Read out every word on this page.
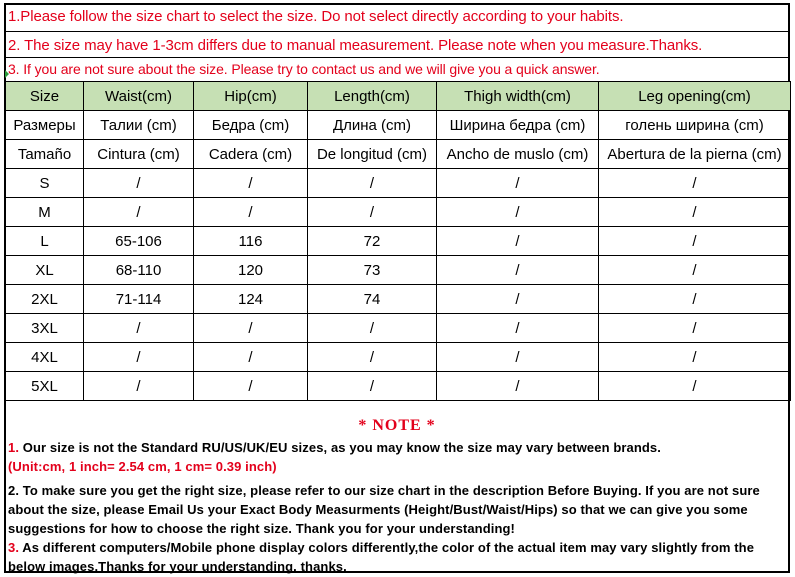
1.Please follow the size chart to select the size. Do not select directly according to your habits.
2. The size may have 1-3cm differs due to manual measurement. Please note when you measure.Thanks.
3. If you are not sure about the size. Please try to contact us and we will give you a quick answer.
Size	Waist(cm)	Hip(cm)	Length(cm)	Thigh width(cm)	Leg opening(cm)
Размеры	Талии (cm)	Бедра (cm)	Длина (cm)	Ширина бедра (cm)	голень ширина (cm)
Tamaño	Cintura (cm)	Cadera (cm)	De longitud (cm)	Ancho de muslo (cm)	Abertura de la pierna (cm)
S	/	/	/	/	/
M	/	/	/	/	/
L	65-106	116	72	/	/
XL	68-110	120	73	/	/
2XL	71-114	124	74	/	/
3XL	/	/	/	/	/
4XL	/	/	/	/	/
5XL	/	/	/	/	/
* NOTE *
1. Our size is not the Standard RU/US/UK/EU sizes, as you may know the size may vary between brands.
(Unit:cm, 1 inch= 2.54 cm, 1 cm= 0.39 inch)
2. To make sure you get the right size, please refer to our size chart in the description Before Buying. If you are not sure about the size, please Email Us your Exact Body Measurments (Height/Bust/Waist/Hips) so that we can give you some suggestions for how to choose the right size. Thank you for your understanding!
3. As different computers/Mobile phone display colors differently,the color of the actual item may vary slightly from the below images.Thanks for your understanding. thanks.
